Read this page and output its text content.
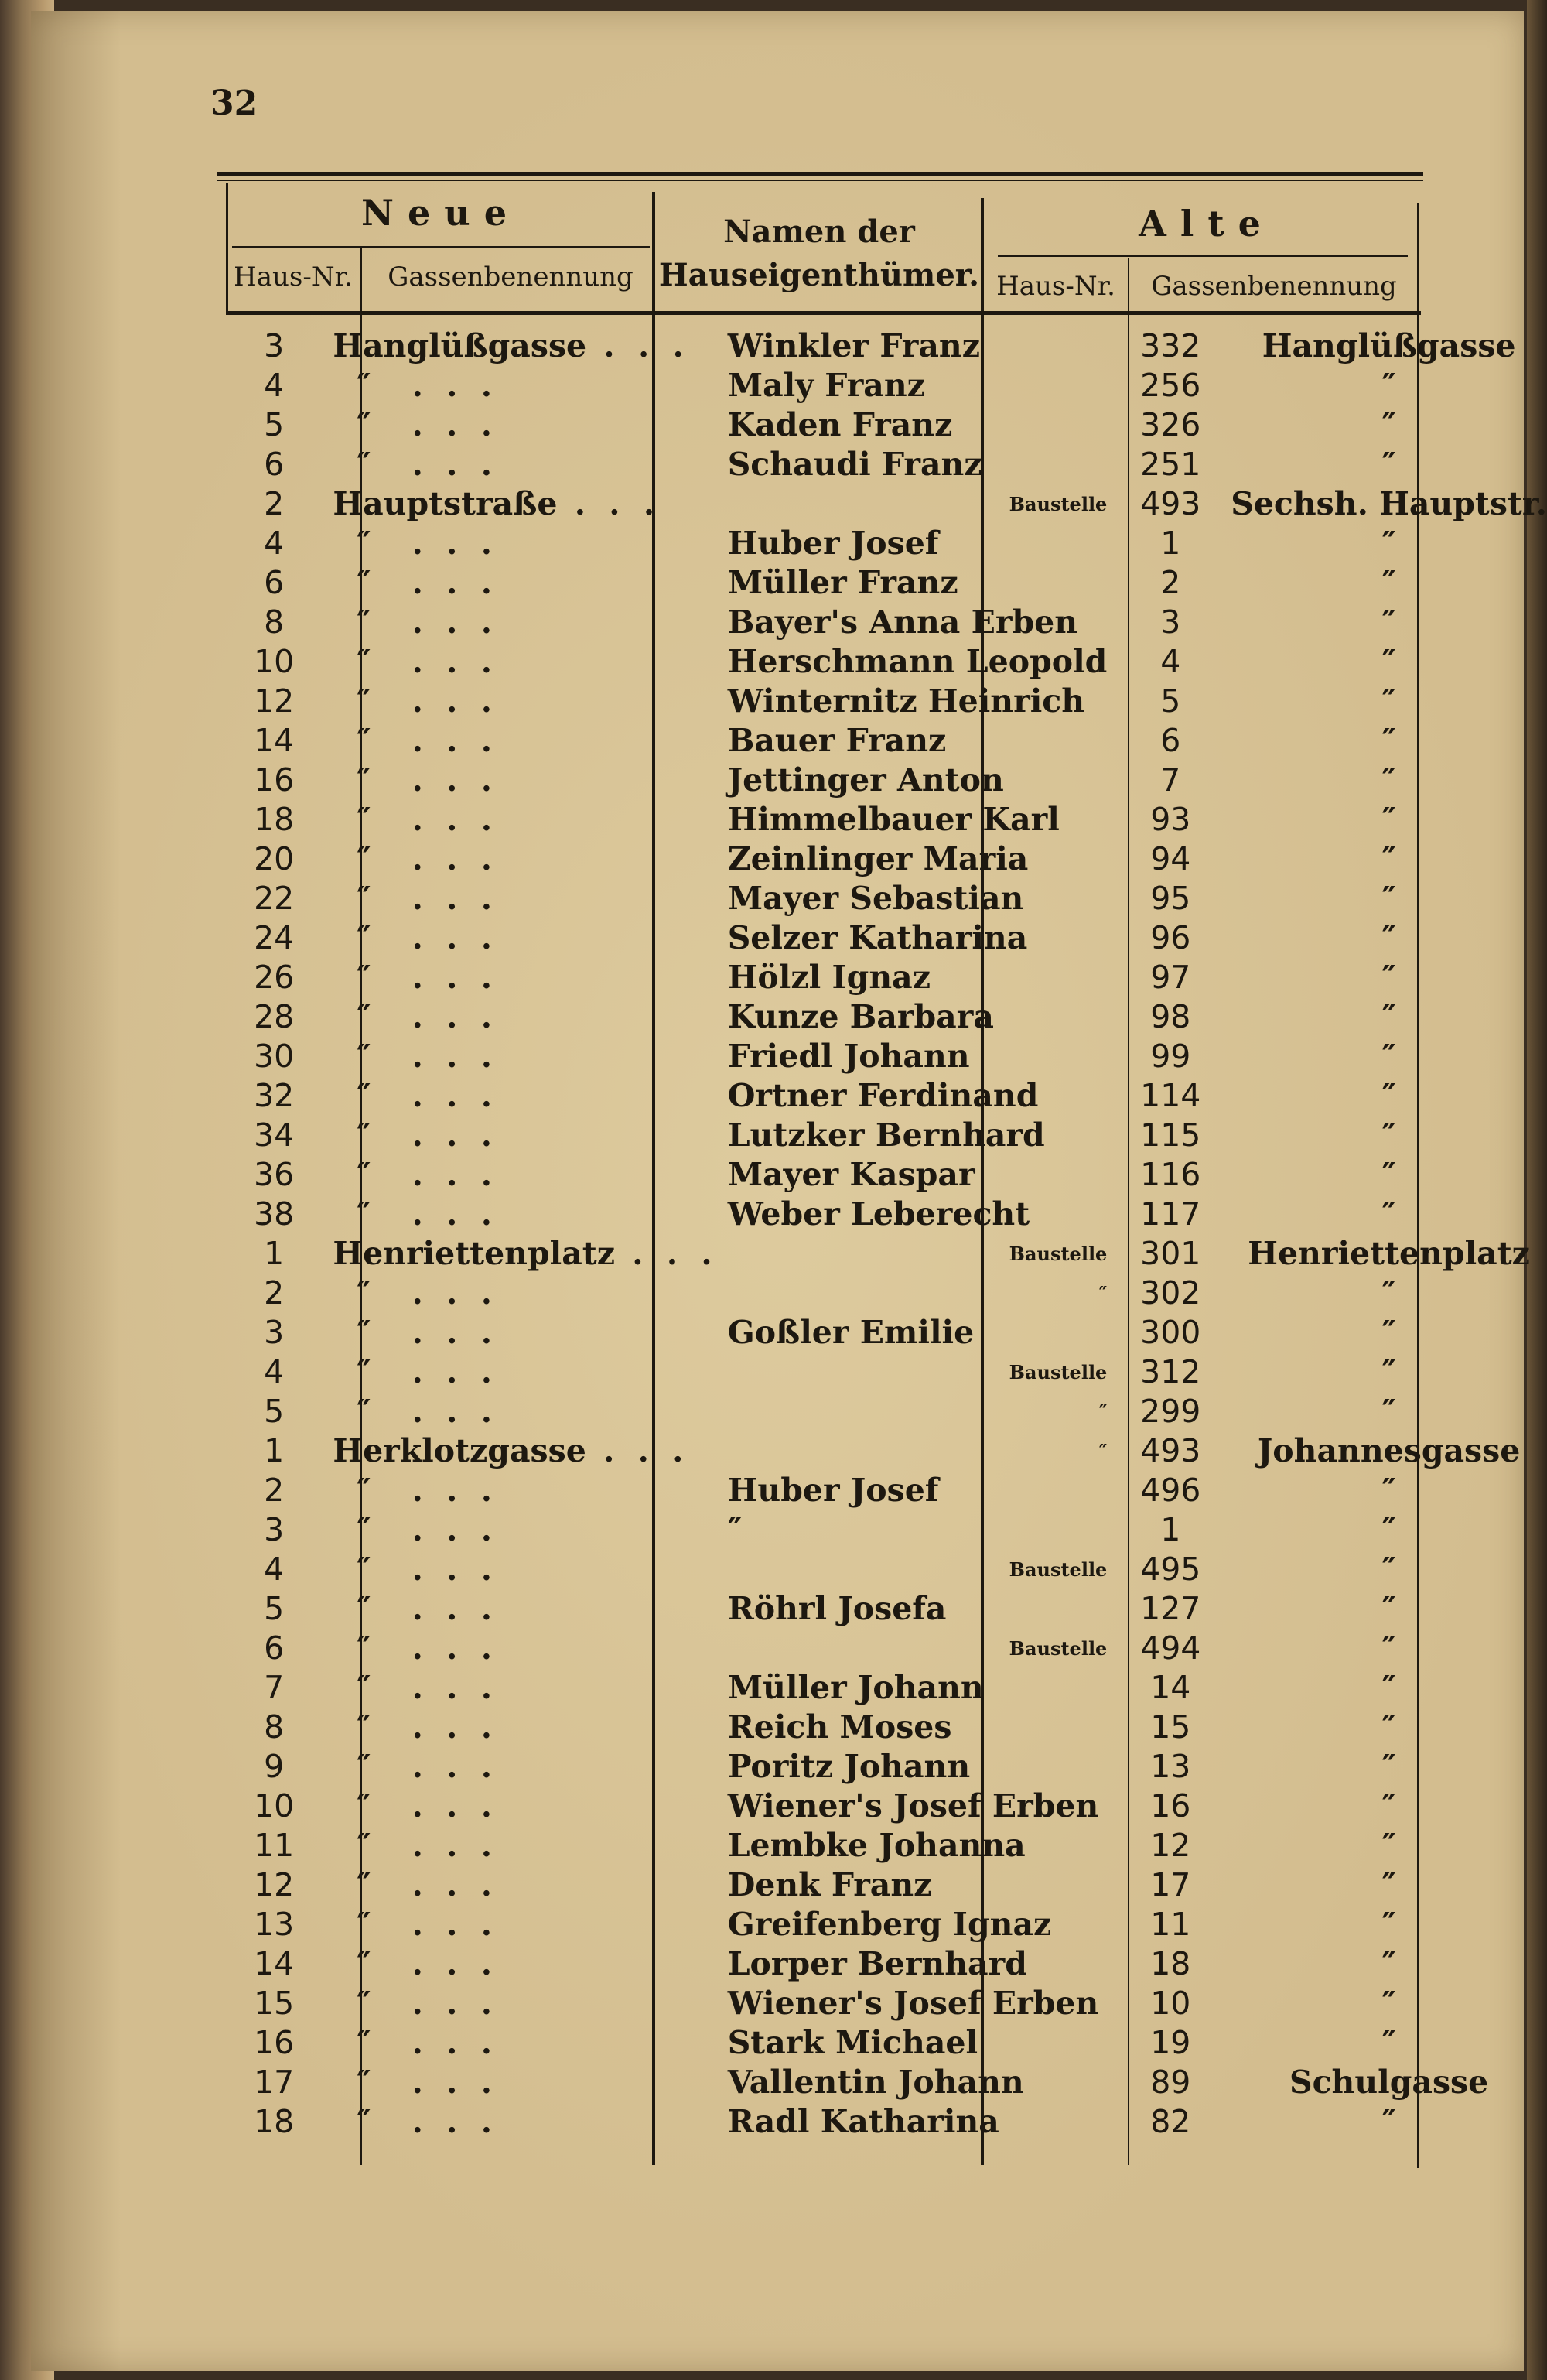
32
Neue
Haus-Nr.	Gassenbenennung
Namen der
Hauseigenthümer.
Alte
Haus-Nr.	Gassenbenennung
3	Hanglüßgasse . . .	Winkler Franz	332	Hanglüßgasse
4	″ . . .	Maly Franz	256	″
5	″ . . .	Kaden Franz	326	″
6	″ . . .	Schaudi Franz	251	″
2	Hauptstraße . . .	Baustelle	493	Sechsh. Hauptstr.
4	″ . . .	Huber Josef	1	″
6	″ . . .	Müller Franz	2	″
8	″ . . .	Bayer's Anna Erben	3	″
10	″ . . .	Herschmann Leopold	4	″
12	″ . . .	Winternitz Heinrich	5	″
14	″ . . .	Bauer Franz	6	″
16	″ . . .	Jettinger Anton	7	″
18	″ . . .	Himmelbauer Karl	93	″
20	″ . . .	Zeinlinger Maria	94	″
22	″ . . .	Mayer Sebastian	95	″
24	″ . . .	Selzer Katharina	96	″
26	″ . . .	Hölzl Ignaz	97	″
28	″ . . .	Kunze Barbara	98	″
30	″ . . .	Friedl Johann	99	″
32	″ . . .	Ortner Ferdinand	114	″
34	″ . . .	Lutzker Bernhard	115	″
36	″ . . .	Mayer Kaspar	116	″
38	″ . . .	Weber Leberecht	117	″
1	Henriettenplatz . . .	Baustelle	301	Henriettenplatz
2	″ . . .	″	302	″
3	″ . . .	Goßler Emilie	300	″
4	″ . . .	Baustelle	312	″
5	″ . . .	″	299	″
1	Herklotzgasse . . .	″	493	Johannesgasse
2	″ . . .	Huber Josef	496	″
3	″ . . .	″	1	″
4	″ . . .	Baustelle	495	″
5	″ . . .	Röhrl Josefa	127	″
6	″ . . .	Baustelle	494	″
7	″ . . .	Müller Johann	14	″
8	″ . . .	Reich Moses	15	″
9	″ . . .	Poritz Johann	13	″
10	″ . . .	Wiener's Josef Erben	16	″
11	″ . . .	Lembke Johanna	12	″
12	″ . . .	Denk Franz	17	″
13	″ . . .	Greifenberg Ignaz	11	″
14	″ . . .	Lorper Bernhard	18	″
15	″ . . .	Wiener's Josef Erben	10	″
16	″ . . .	Stark Michael	19	″
17	″ . . .	Vallentin Johann	89	Schulgasse
18	″ . . .	Radl Katharina	82	″
